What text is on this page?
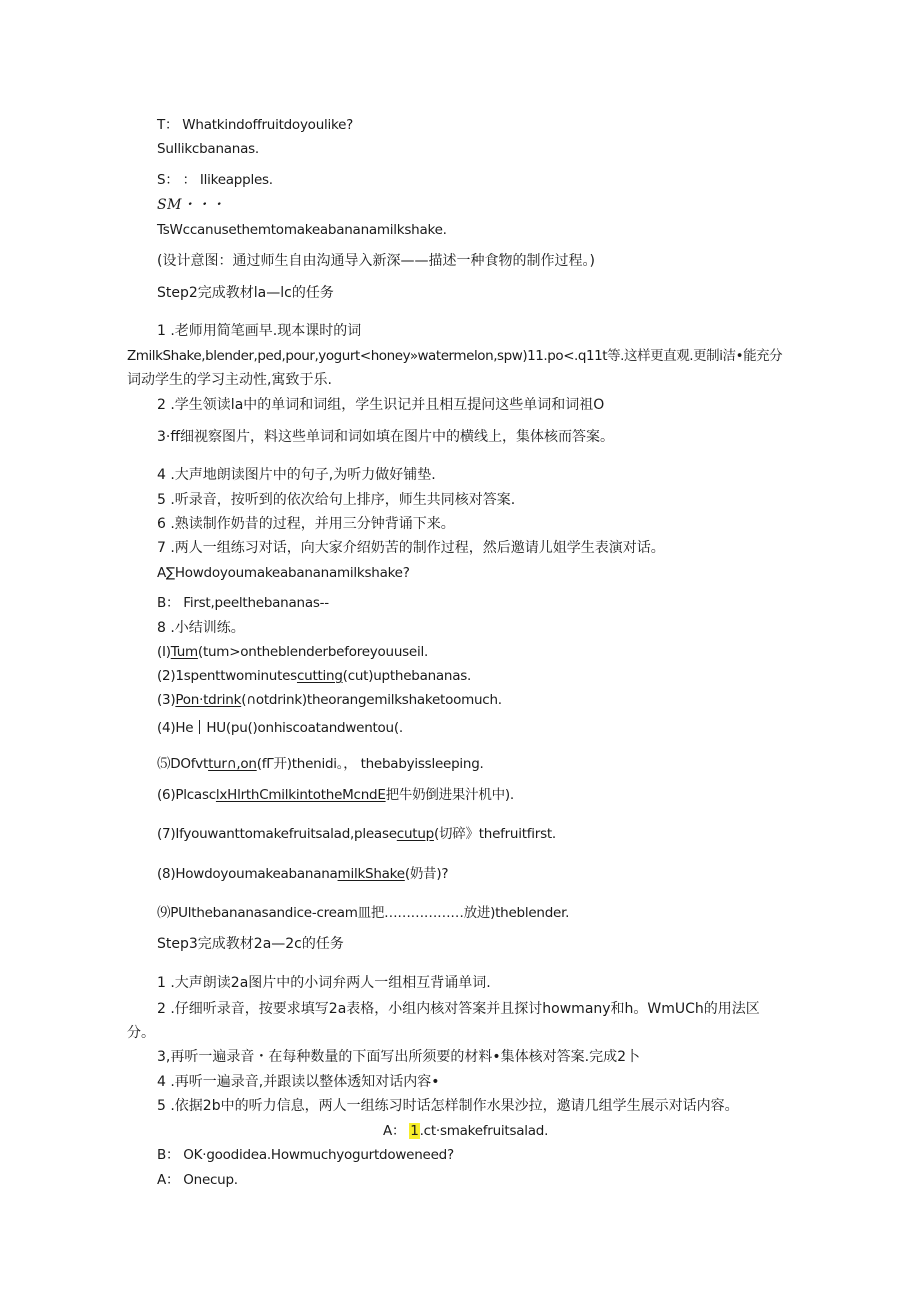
T： Whatkindoffruitdoyoulike?
SuIlikcbananas.
S： ： Ilikeapples.
SM・・・
TsWccanusethemtomakeabananamilkshake.
(设计意图：通过师生自由沟通导入新深——描述一种食物的制作过程。)
Step2完成教材la—lc的任务
1 .老师用简笔画早.现本课时的词
ZmilkShake,blender,ped,pour,yogurt<honey»watermelon,spw)11.po<.q11t等.这样更直观.更制i洁•能充分
词动学生的学习主动性,寓致于乐.
2 .学生领读la中的单词和词组，学生识记并且相互提问这些单词和词祖O
3·ff细视察图片，料这些单词和词如填在图片中的横线上，集体核而答案。
4 .大声地朗读图片中的句子,为听力做好铺垫.
5 .听录音，按听到的依次给句上排序，师生共同核对答案.
6 .熟读制作奶昔的过程，并用三分钟背诵下来。
7 .两人一组练习对话，向大家介绍奶苦的制作过程，然后邀请儿姐学生表演对话。
A∑Howdoyoumakeabananamilkshake?
B： First,peelthebananas--
8 .小结训练。
(I)Tum(tum>ontheblenderbeforeyouuseil.
(2)1spenttwominutescutting(cut)upthebananas.
(3)Pon·tdrink(∩otdrink)theorangemilkshaketoomuch.
(4)He HU(pu()onhiscoatandwentou(.
⑸DOfvttur∩,on(fΓ开)thenidi。， thebabyissleeping.
(6)PlcasclxHlrthCmilkintotheMcndE把牛奶倒进果汁机中).
(7)Ifyouwanttomakefruitsalad,pleasecutup(切碎》thefruitfirst.
(8)HowdoyoumakeabananamilkShake(奶昔)?
⑼PUlthebananasandice-cream皿把………………放进)theblender.
Step3完成教材2a—2c的任务
1 .大声朗读2a图片中的小词弁两人一组相互背诵单词.
2 .仔细听录音，按要求填写2a表格，小组内核对答案并且探讨howmany和h。WmUCh的用法区
分。
3,再听一遍录音・在每种数量的下面写出所须要的材料•集体核对答案.完成2卜
4 .再听一遍录音,并跟读以整体透知对话内容•
5 .依据2b中的听力信息，两人一组练习时话怎样制作水果沙拉，邀请几组学生展示对话内容。
A： 1.ct·smakefruitsalad.
B： OK·goodidea.Howmuchyogurtdoweneed?
A： Onecup.
